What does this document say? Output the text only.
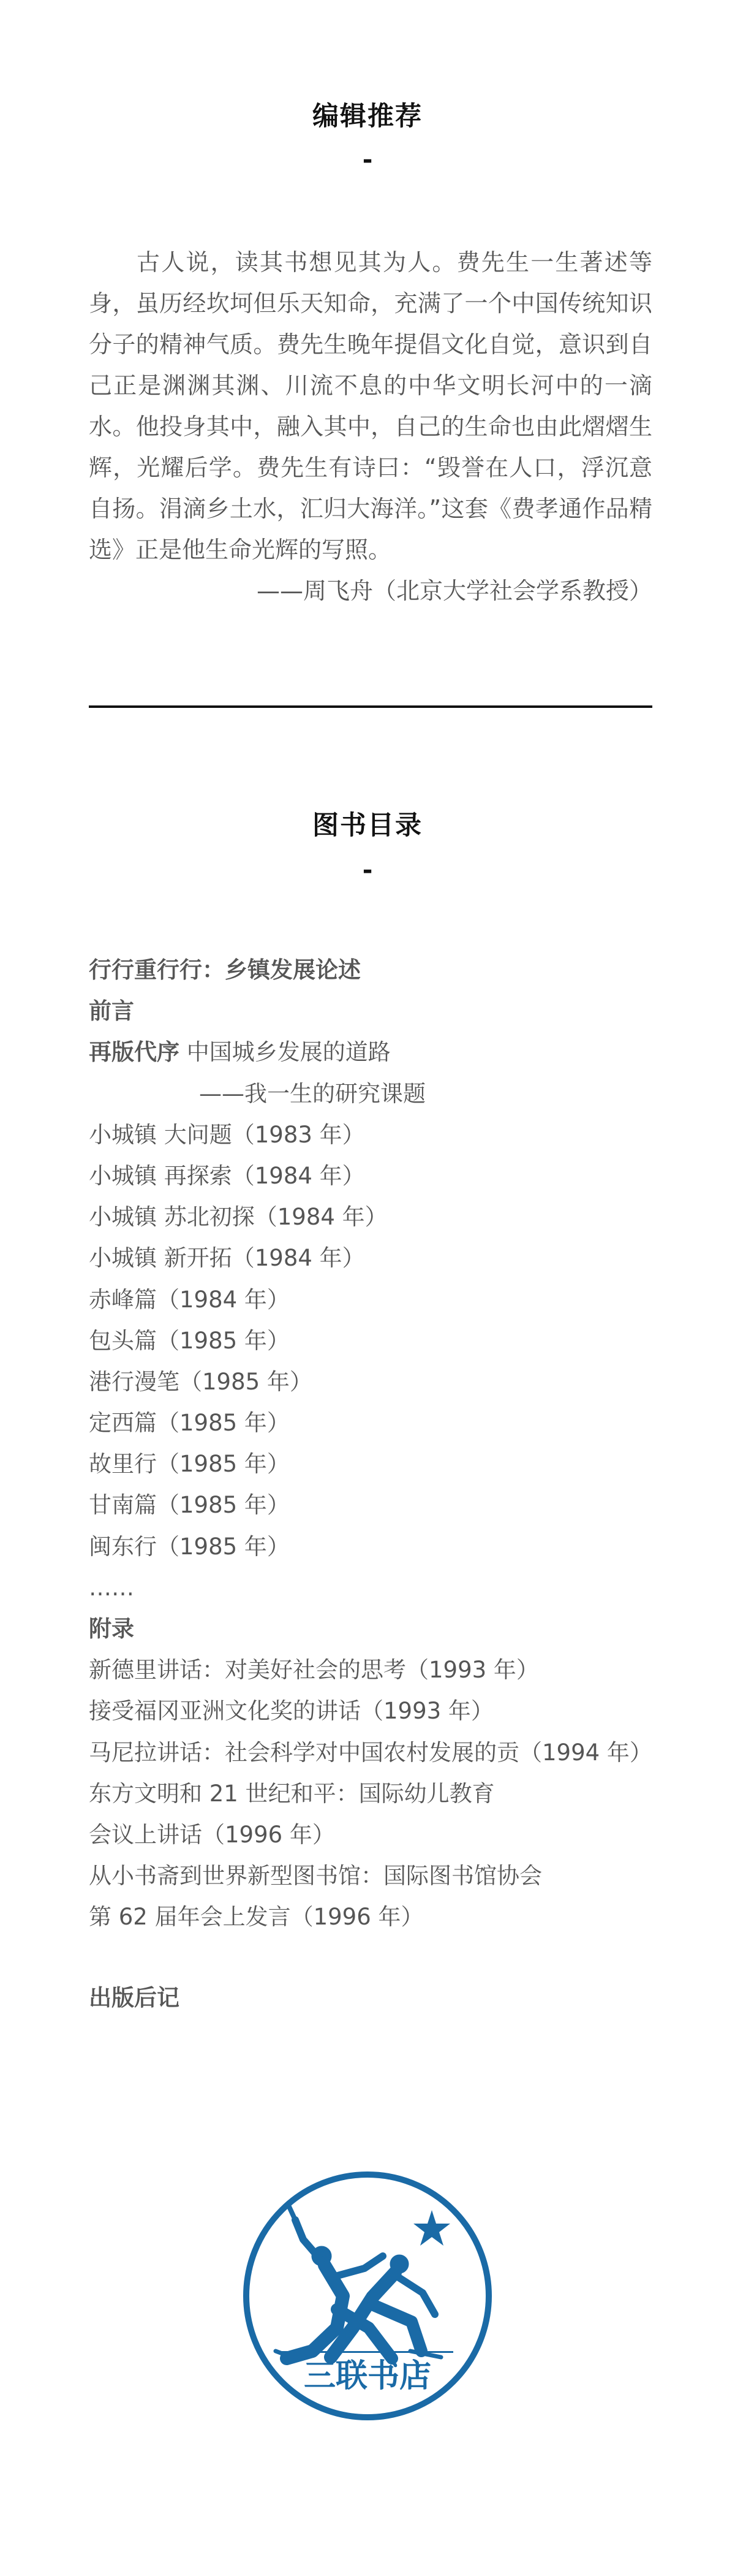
编辑推荐
-

古人说，读其书想见其为人。费先生一生著述等身，虽历经坎坷但乐天知命，充满了一个中国传统知识分子的精神气质。费先生晚年提倡文化自觉，意识到自己正是渊渊其渊、川流不息的中华文明长河中的一滴水。他投身其中，融入其中，自己的生命也由此熠熠生辉，光耀后学。费先生有诗曰：“毁誉在人口，浮沉意自扬。涓滴乡土水，汇归大海洋。”这套《费孝通作品精选》正是他生命光辉的写照。

——周飞舟（北京大学社会学系教授）

图书目录
-
行行重行行：乡镇发展论述
前言
再版代序 中国城乡发展的道路
——我一生的研究课题
小城镇 大问题（1983 年）
小城镇 再探索（1984 年）
小城镇 苏北初探（1984 年）
小城镇 新开拓（1984 年）
赤峰篇（1984 年）
包头篇（1985 年）
港行漫笔（1985 年）
定西篇（1985 年）
故里行（1985 年）
甘南篇（1985 年）
闽东行（1985 年）
……
附录
新德里讲话：对美好社会的思考（1993 年）
接受福冈亚洲文化奖的讲话（1993 年）
马尼拉讲话：社会科学对中国农村发展的贡（1994 年）
东方文明和 21 世纪和平：国际幼儿教育
会议上讲话（1996 年）
从小书斋到世界新型图书馆：国际图书馆协会
第 62 届年会上发言（1996 年）
出版后记
三联书店
